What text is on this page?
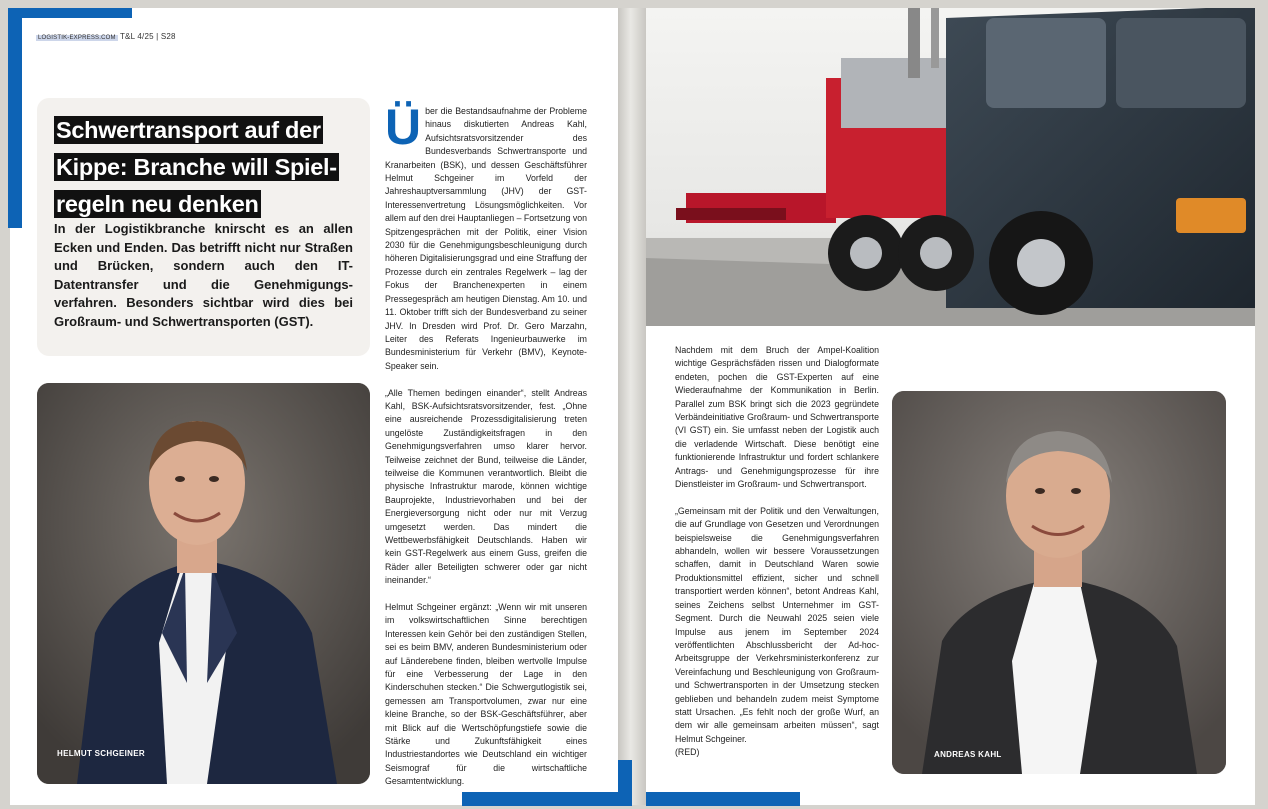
LOGISTIK-EXPRESS.COM T&L 4/25 | S28
Schwertransport auf der
Kippe: Branche will Spiel-
regeln neu denken
In der Logistikbranche knirscht es an allen Ecken und Enden. Das betrifft nicht nur Straßen und Brücken, sondern auch den IT-Datentransfer und die Genehmigungs- verfahren. Besonders sichtbar wird dies bei Großraum- und Schwertransporten (GST).
HELMUT SCHGEINER

Über die Bestandsaufnahme der Probleme hinaus diskutierten Andreas Kahl, Aufsichtsratsvorsitzender des Bundesverbands Schwertransporte und Kranarbeiten (BSK), und dessen Geschäftsführer Helmut Schgeiner im Vorfeld der Jahreshauptversammlung (JHV) der GST-Interessenvertretung Lösungsmöglichkeiten. Vor allem auf den drei Hauptanliegen – Fortsetzung von Spitzengesprächen mit der Politik, einer Vision 2030 für die Genehmigungsbeschleunigung durch höheren Digitalisierungsgrad und eine Straffung der Prozesse durch ein zentrales Regelwerk – lag der Fokus der Branchenexperten in einem Pressegespräch am heutigen Dienstag. Am 10. und 11. Oktober trifft sich der Bundesverband zu seiner JHV. In Dresden wird Prof. Dr. Gero Marzahn, Leiter des Referats Ingenieurbauwerke im Bundesministerium für Verkehr (BMV), Keynote-Speaker sein.

„Alle Themen bedingen einander“, stellt Andreas Kahl, BSK-Aufsichtsratsvorsitzender, fest. „Ohne eine ausreichende Prozessdigitalisierung treten ungelöste Zuständigkeitsfragen in den Genehmigungsverfahren umso klarer hervor. Teilweise zeichnet der Bund, teilweise die Länder, teilweise die Kommunen verantwortlich. Bleibt die physische Infrastruktur marode, können wichtige Bauprojekte, Industrievorhaben und bei der Energieversorgung nicht oder nur mit Verzug umgesetzt werden. Das mindert die Wettbewerbsfähigkeit Deutschlands. Haben wir kein GST-Regelwerk aus einem Guss, greifen die Räder aller Beteiligten schwerer oder gar nicht ineinander.“

Helmut Schgeiner ergänzt: „Wenn wir mit unseren im volkswirtschaftlichen Sinne berechtigen Interessen kein Gehör bei den zuständigen Stellen, sei es beim BMV, anderen Bundesministerium oder auf Länderebene finden, bleiben wertvolle Impulse für eine Verbesserung der Lage in den Kinderschuhen stecken.“ Die Schwergutlogistik sei, gemessen am Transportvolumen, zwar nur eine kleine Branche, so der BSK-Geschäftsführer, aber mit Blick auf die Wertschöpfungstiefe sowie die Stärke und Zukunftsfähigkeit eines Industriestandortes wie Deutschland ein wichtiger Seismograf für die wirtschaftliche Gesamtentwicklung.

Nachdem mit dem Bruch der Ampel-Koalition wichtige Gesprächsfäden rissen und Dialogformate endeten, pochen die GST-Experten auf eine Wiederaufnahme der Kommunikation in Berlin. Parallel zum BSK bringt sich die 2023 gegründete Verbändeinitiative Großraum- und Schwertransporte (VI GST) ein. Sie umfasst neben der Logistik auch die verladende Wirtschaft. Diese benötigt eine funktionierende Infrastruktur und fordert schlankere Antrags- und Genehmigungsprozesse für ihre Dienstleister im Großraum- und Schwertransport.

„Gemeinsam mit der Politik und den Verwaltungen, die auf Grundlage von Gesetzen und Verordnungen beispielsweise die Genehmigungsverfahren abhandeln, wollen wir bessere Voraussetzungen schaffen, damit in Deutschland Waren sowie Produktionsmittel effizient, sicher und schnell transportiert werden können“, betont Andreas Kahl, seines Zeichens selbst Unternehmer im GST-Segment. Durch die Neuwahl 2025 seien viele Impulse aus jenem im September 2024 veröffentlichten Abschlussbericht der Ad-hoc-Arbeitsgruppe der Verkehrsministerkonferenz zur Vereinfachung und Beschleunigung von Großraum- und Schwertransporten in der Umsetzung stecken geblieben und behandeln zudem meist Symptome statt Ursachen. „Es fehlt noch der große Wurf, an dem wir alle gemeinsam arbeiten müssen“, sagt Helmut Schgeiner.

(RED)	ANDREAS KAHL
